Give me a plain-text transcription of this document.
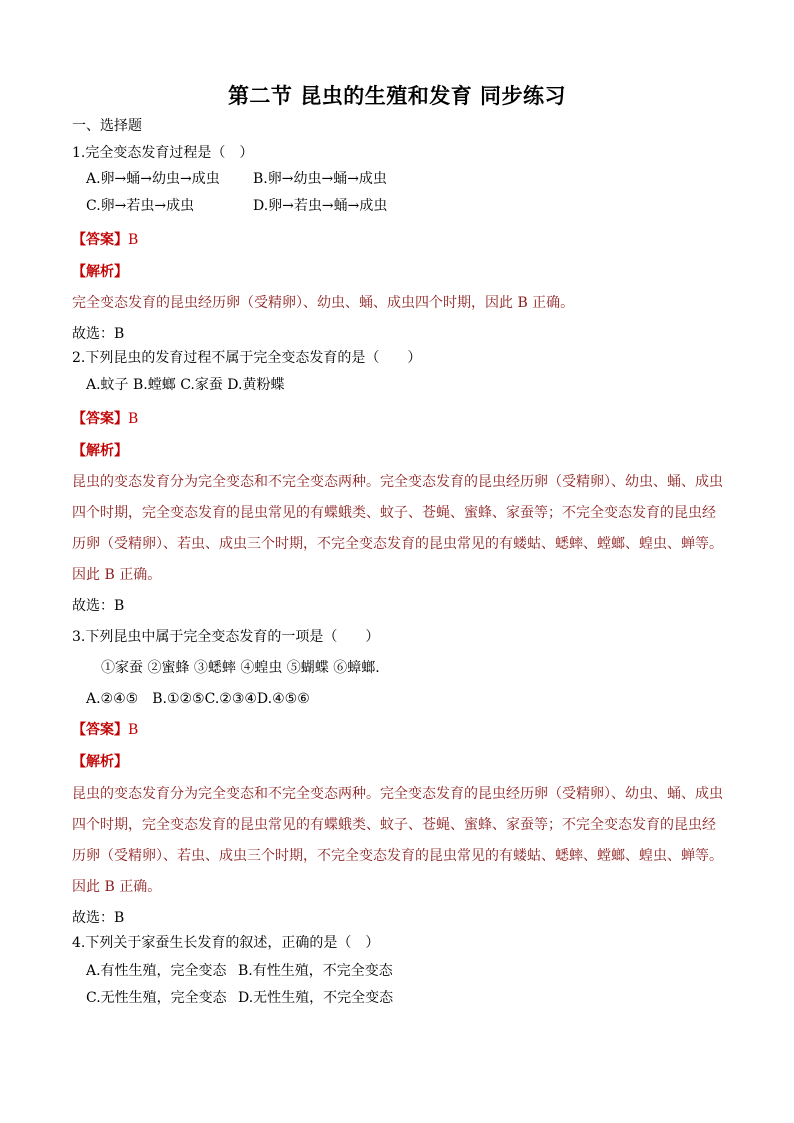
第二节 昆虫的生殖和发育 同步练习
一、选择题
1.完全变态发育过程是（　）
A.卵→蛹→幼虫→成虫 B.卵→幼虫→蛹→成虫
C.卵→若虫→成虫	D.卵→若虫→蛹→成虫
【答案】B
【解析】
完全变态发育的昆虫经历卵（受精卵）、幼虫、蛹、成虫四个时期，因此 B 正确。
故选：B
2.下列昆虫的发育过程不属于完全变态发育的是（　　）
A.蚊子 B.螳螂 C.家蚕 D.黄粉蝶
【答案】B
【解析】
昆虫的变态发育分为完全变态和不完全变态两种。完全变态发育的昆虫经历卵（受精卵）、幼虫、蛹、成虫
四个时期，完全变态发育的昆虫常见的有蝶蛾类、蚊子、苍蝇、蜜蜂、家蚕等；不完全变态发育的昆虫经
历卵（受精卵）、若虫、成虫三个时期，不完全变态发育的昆虫常见的有蝼蛄、蟋蟀、螳螂、蝗虫、蝉等。
因此 B 正确。
故选：B
3.下列昆虫中属于完全变态发育的一项是（　　）
①家蚕 ②蜜蜂 ③蟋蟀 ④蝗虫 ⑤蝴蝶 ⑥蟑螂.
A.②④⑤　B.①②⑤C.②③④D.④⑤⑥
【答案】B
【解析】
昆虫的变态发育分为完全变态和不完全变态两种。完全变态发育的昆虫经历卵（受精卵）、幼虫、蛹、成虫
四个时期，完全变态发育的昆虫常见的有蝶蛾类、蚊子、苍蝇、蜜蜂、家蚕等；不完全变态发育的昆虫经
历卵（受精卵）、若虫、成虫三个时期，不完全变态发育的昆虫常见的有蝼蛄、蟋蟀、螳螂、蝗虫、蝉等。
因此 B 正确。
故选：B
4.下列关于家蚕生长发育的叙述，正确的是（　）
A.有性生殖，完全变态 B.有性生殖，不完全变态
C.无性生殖，完全变态 D.无性生殖，不完全变态
